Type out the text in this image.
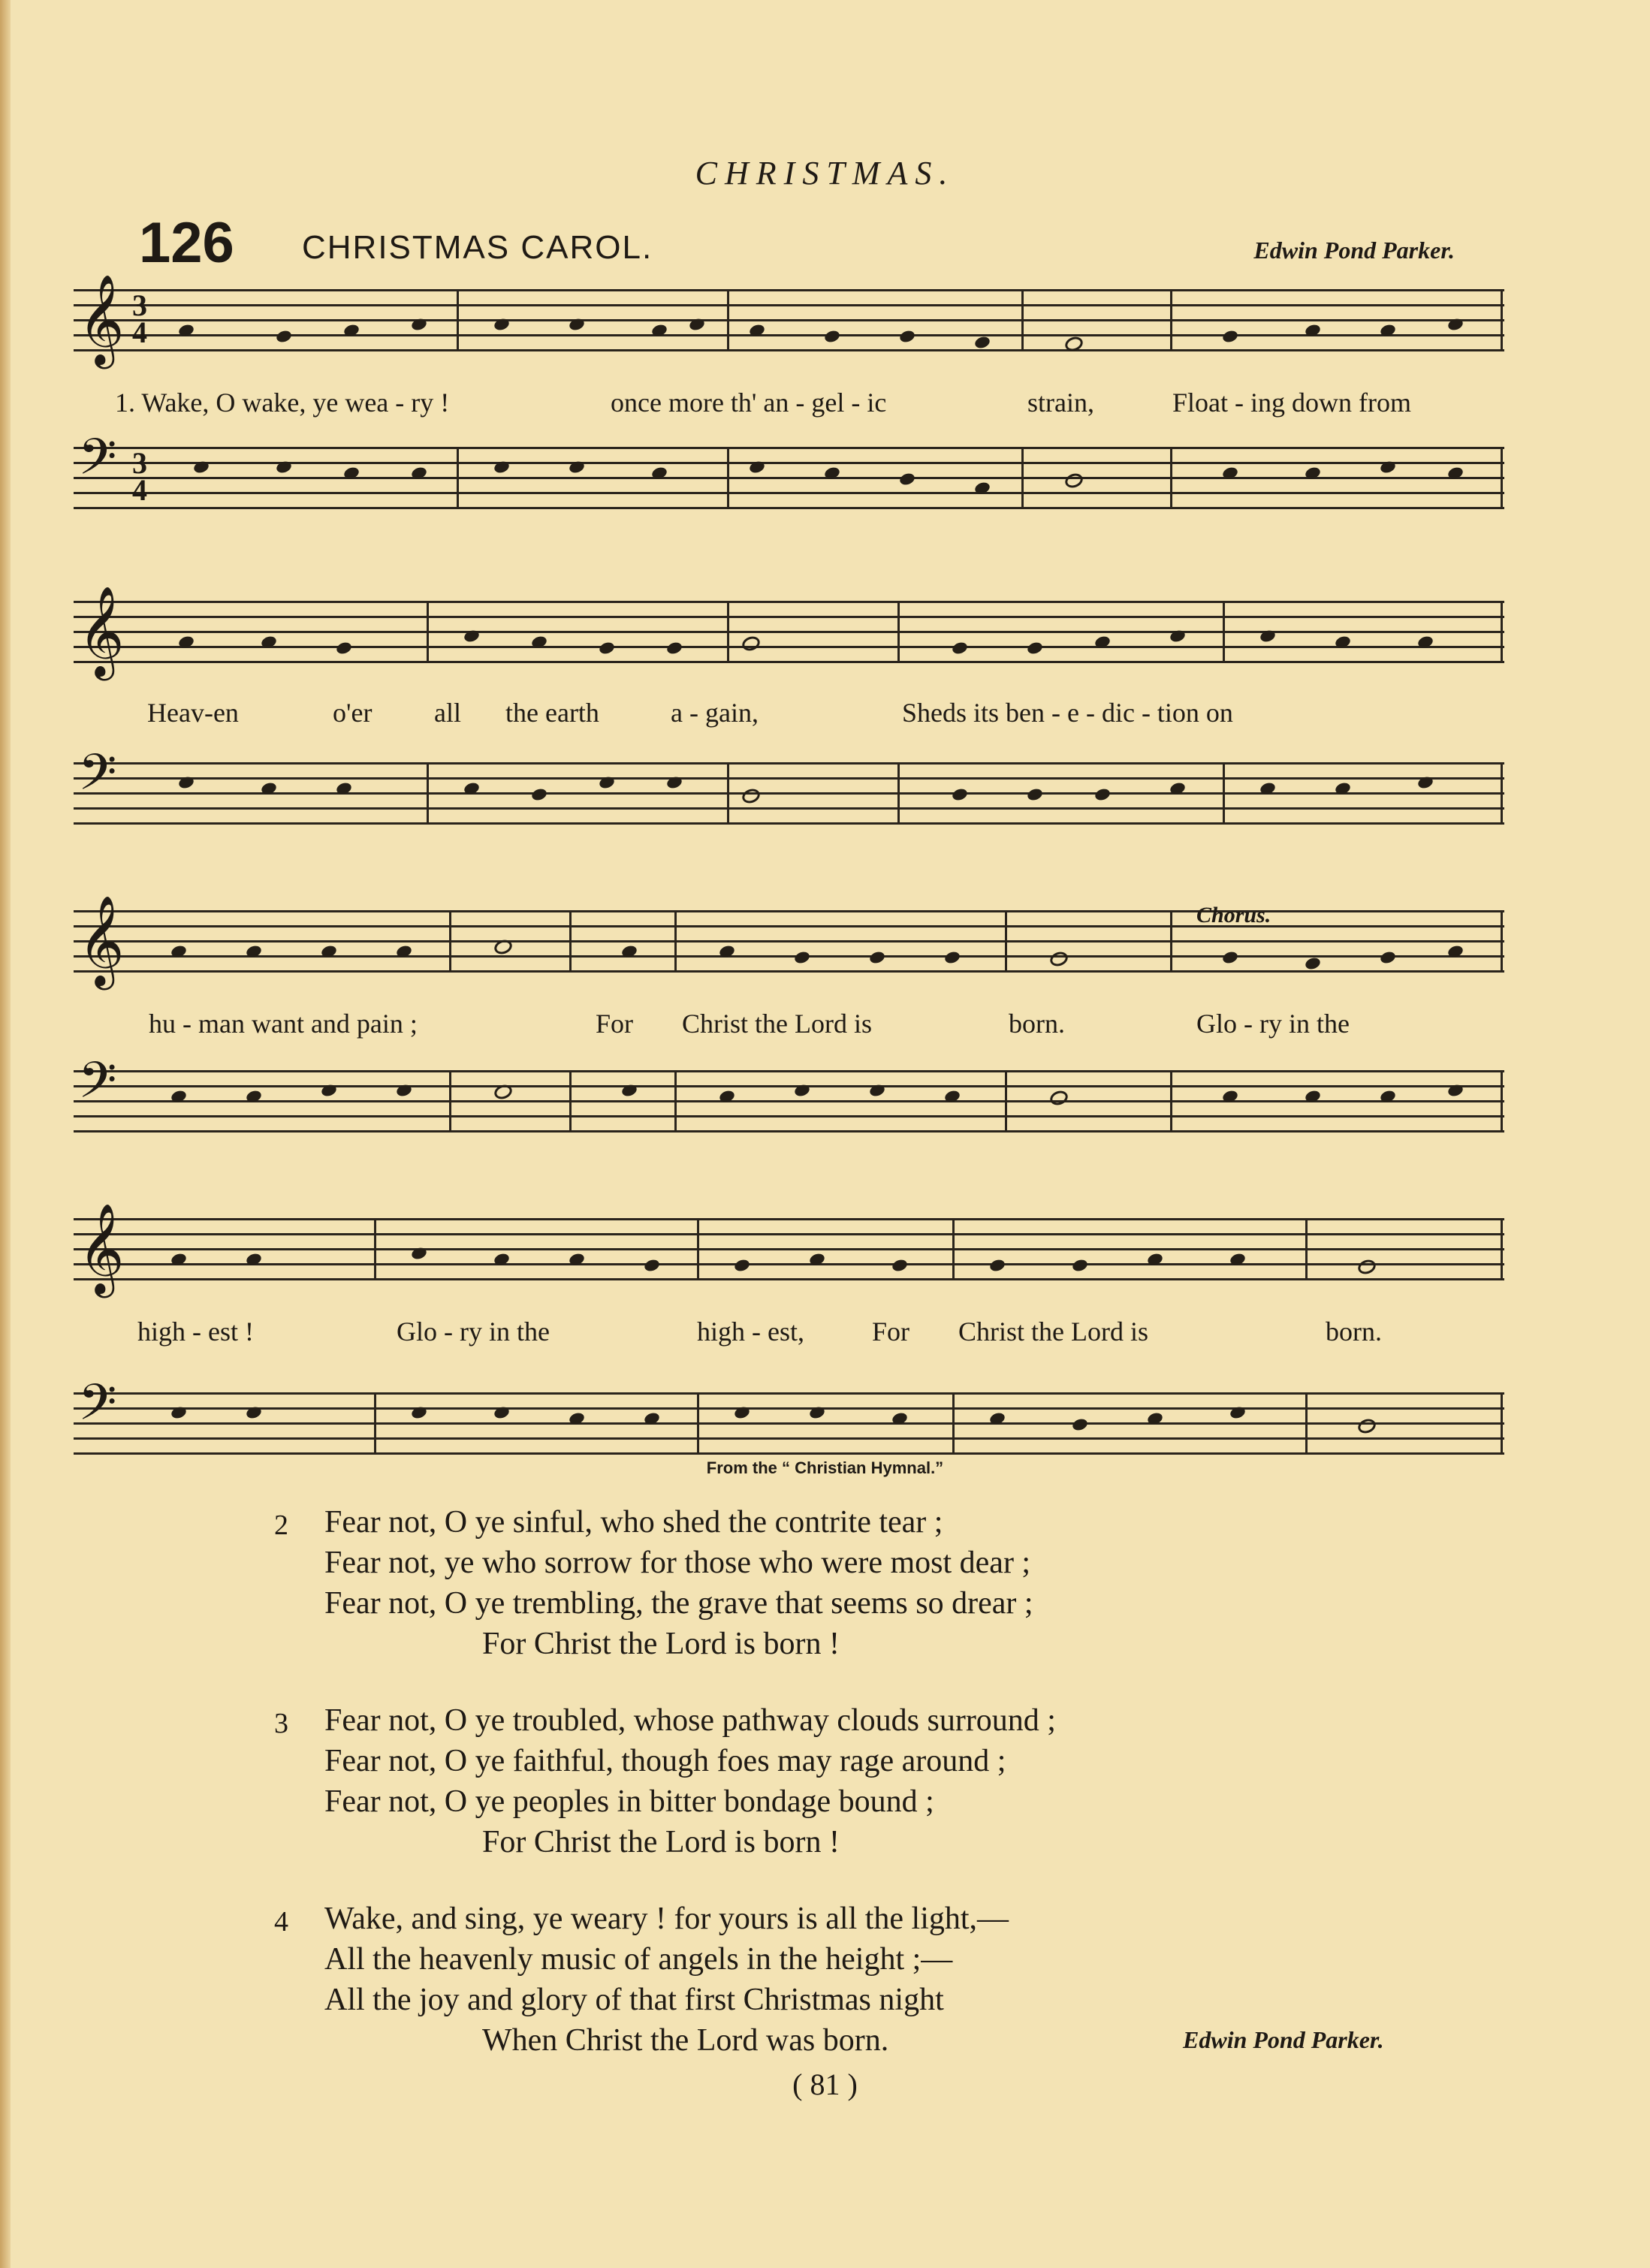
CHRISTMAS.
126 CHRISTMAS CAROL.	Edwin Pond Parker.
𝄞 3
4
1. Wake, O wake, ye wea - ry !	once more th' an - gel - ic	strain,	Float - ing down from
𝄢 3
4
𝄞
Heav-en	o'er all the earth	a - gain,	Sheds its ben - e - dic - tion on
𝄢
𝄞	Chorus.
hu - man want and pain ;	For Christ the Lord is	born.	Glo - ry in the
𝄢
𝄞
high - est !	Glo - ry in the	high - est,	For Christ the Lord is	born.
𝄢
From the “ Christian Hymnal.”
2	Fear not, O ye sinful, who shed the contrite tear ;
Fear not, ye who sorrow for those who were most dear ;
Fear not, O ye trembling, the grave that seems so drear ;
For Christ the Lord is born !
3	Fear not, O ye troubled, whose pathway clouds surround ;
Fear not, O ye faithful, though foes may rage around ;
Fear not, O ye peoples in bitter bondage bound ;
For Christ the Lord is born !
4	Wake, and sing, ye weary ! for yours is all the light,—
All the heavenly music of angels in the height ;—
All the joy and glory of that first Christmas night
When Christ the Lord was born.	Edwin Pond Parker.
( 81 )
